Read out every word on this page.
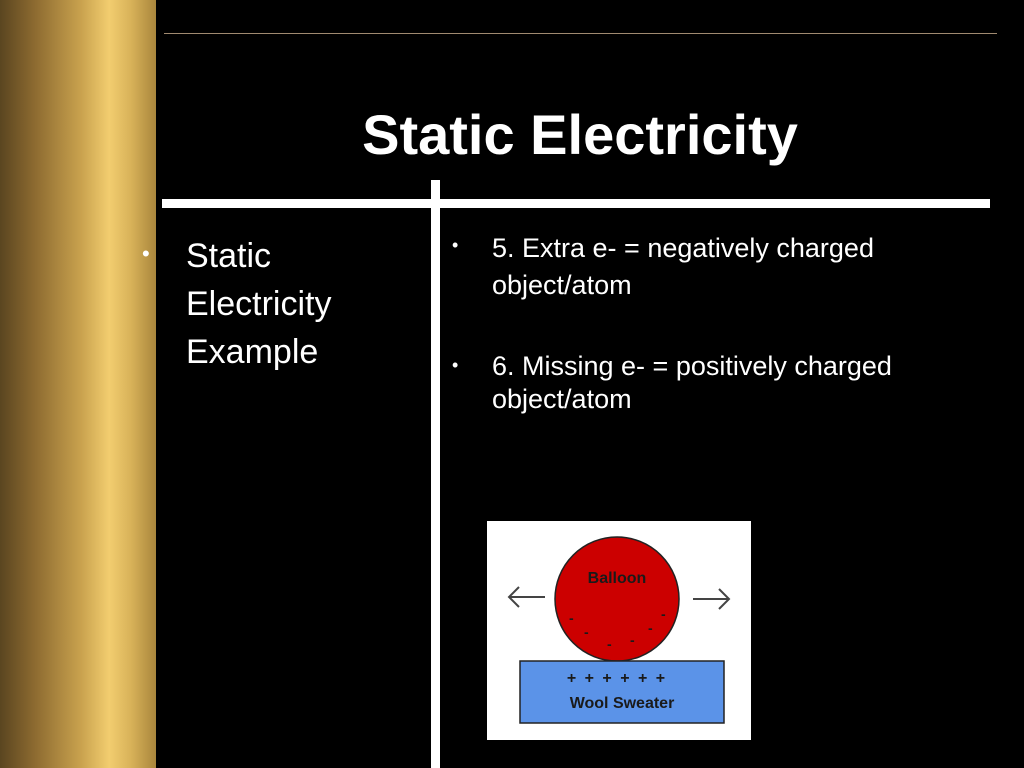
Static Electricity
• Static
Electricity
Example
• 5. Extra e- = negatively charged
object/atom
• 6. Missing e- = positively charged
object/atom
Balloon
-
-
- -
-
-
+ + + + + +
Wool Sweater
